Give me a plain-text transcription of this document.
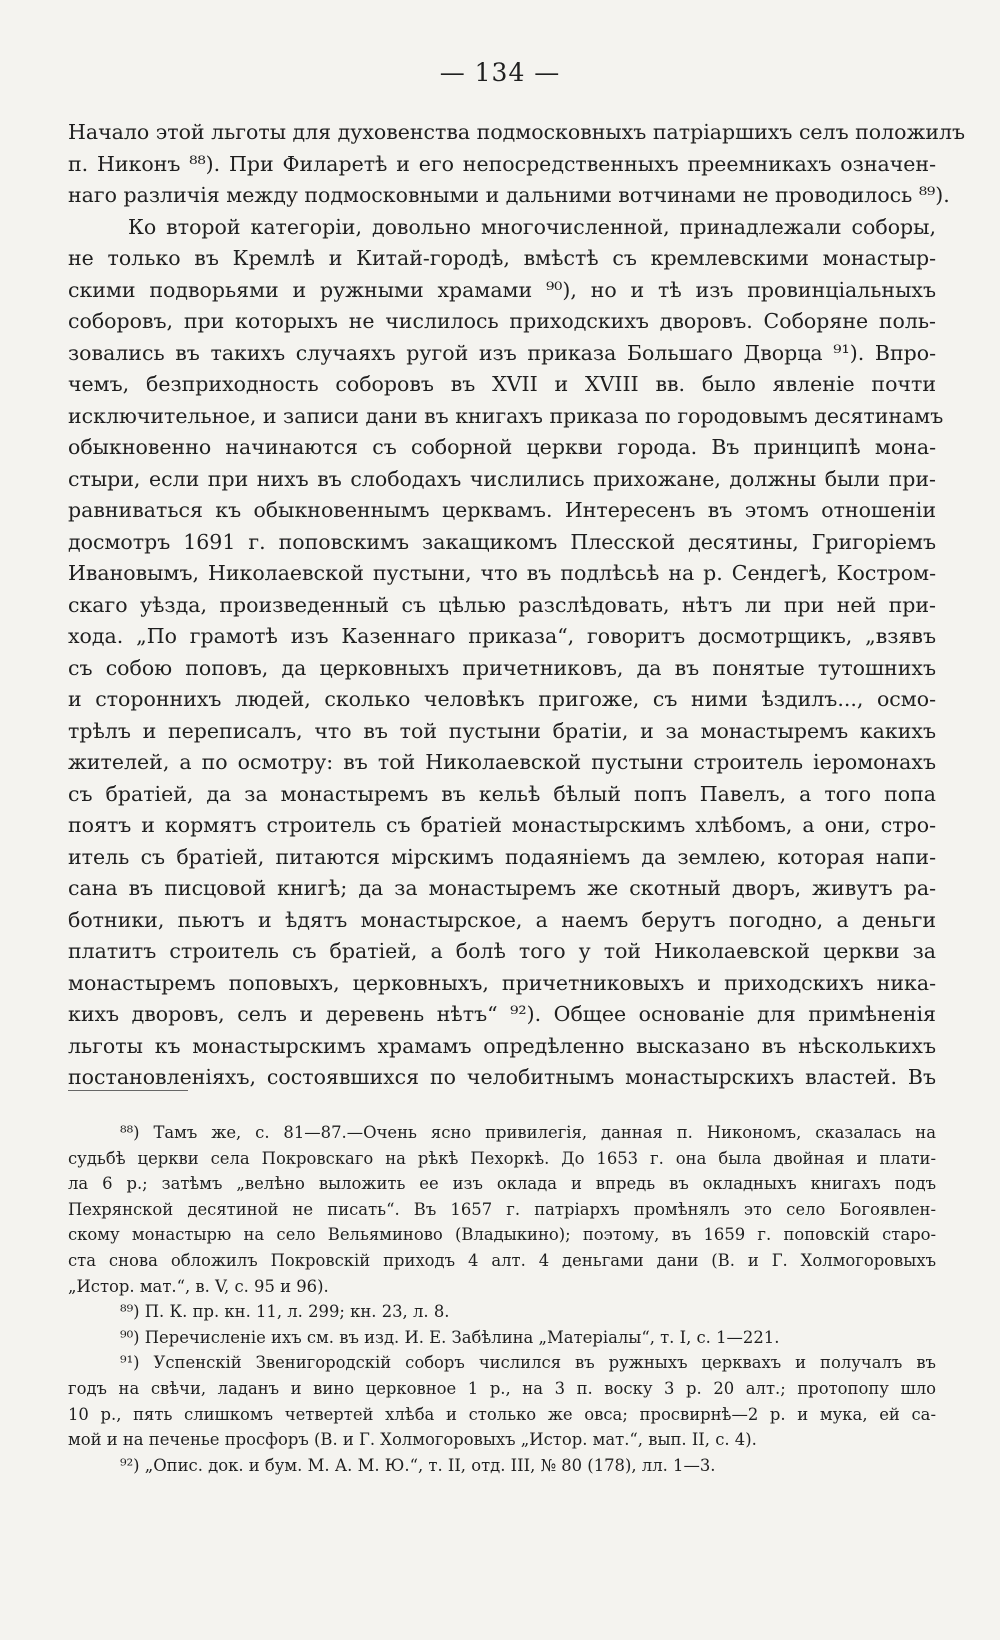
— 134 —
Начало этой льготы для духовенства подмосковныхъ патріаршихъ селъ положилъ
п. Никонъ ⁸⁸). При Филаретѣ и его непосредственныхъ преемникахъ означен-
наго различія между подмосковными и дальними вотчинами не проводилось ⁸⁹).
Ко второй категоріи, довольно многочисленной, принадлежали соборы,
не только въ Кремлѣ и Китай-городѣ, вмѣстѣ съ кремлевскими монастыр-
скими подворьями и ружными храмами ⁹⁰), но и тѣ изъ провинціальныхъ
соборовъ, при которыхъ не числилось приходскихъ дворовъ. Соборяне поль-
зовались въ такихъ случаяхъ ругой изъ приказа Большаго Дворца ⁹¹). Впро-
чемъ, безприходность соборовъ въ XVII и XVIII вв. было явленіе почти
исключительное, и записи дани въ книгахъ приказа по городовымъ десятинамъ
обыкновенно начинаются съ соборной церкви города. Въ принципѣ мона-
стыри, если при нихъ въ слободахъ числились прихожане, должны были при-
равниваться къ обыкновеннымъ церквамъ. Интересенъ въ этомъ отношеніи
досмотръ 1691 г. поповскимъ закащикомъ Плесской десятины, Григоріемъ
Ивановымъ, Николаевской пустыни, что въ подлѣсьѣ на р. Сендегѣ, Костром-
скаго уѣзда, произведенный съ цѣлью разслѣдовать, нѣтъ ли при ней при-
хода. „По грамотѣ изъ Казеннаго приказа“, говоритъ досмотрщикъ, „взявъ
съ собою поповъ, да церковныхъ причетниковъ, да въ понятые тутошнихъ
и стороннихъ людей, сколько человѣкъ пригоже, съ ними ѣздилъ..., осмо-
трѣлъ и переписалъ, что въ той пустыни братіи, и за монастыремъ какихъ
жителей, а по осмотру: въ той Николаевской пустыни строитель іеромонахъ
съ братіей, да за монастыремъ въ кельѣ бѣлый попъ Павелъ, а того попа
поятъ и кормятъ строитель съ братіей монастырскимъ хлѣбомъ, а они, стро-
итель съ братіей, питаются мірскимъ подаяніемъ да землею, которая напи-
сана въ писцовой книгѣ; да за монастыремъ же скотный дворъ, живутъ ра-
ботники, пьютъ и ѣдятъ монастырское, а наемъ берутъ погодно, а деньги
платитъ строитель съ братіей, а болѣ того у той Николаевской церкви за
монастыремъ поповыхъ, церковныхъ, причетниковыхъ и приходскихъ ника-
кихъ дворовъ, селъ и деревень нѣтъ“ ⁹²). Общее основаніе для примѣненія
льготы къ монастырскимъ храмамъ опредѣленно высказано въ нѣсколькихъ
постановленіяхъ, состоявшихся по челобитнымъ монастырскихъ властей. Въ
⁸⁸) Тамъ же, с. 81—87.—Очень ясно привилегія, данная п. Никономъ, сказалась на
судьбѣ церкви села Покровскаго на рѣкѣ Пехоркѣ. До 1653 г. она была двойная и плати-
ла 6 р.; затѣмъ „велѣно выложить ее изъ оклада и впредь въ окладныхъ книгахъ подъ
Пехрянской десятиной не писать“. Въ 1657 г. патріархъ промѣнялъ это село Богоявлен-
скому монастырю на село Вельяминово (Владыкино); поэтому, въ 1659 г. поповскій старо-
ста снова обложилъ Покровскій приходъ 4 алт. 4 деньгами дани (В. и Г. Холмогоровыхъ
„Истор. мат.“, в. V, с. 95 и 96).
⁸⁹) П. К. пр. кн. 11, л. 299; кн. 23, л. 8.
⁹⁰) Перечисленіе ихъ см. въ изд. И. Е. Забѣлина „Матеріалы“, т. I, с. 1—221.
⁹¹) Успенскій Звенигородскій соборъ числился въ ружныхъ церквахъ и получалъ въ
годъ на свѣчи, ладанъ и вино церковное 1 р., на 3 п. воску 3 р. 20 алт.; протопопу шло
10 р., пять слишкомъ четвертей хлѣба и столько же овса; просвирнѣ—2 р. и мука, ей са-
мой и на печенье просфоръ (В. и Г. Холмогоровыхъ „Истор. мат.“, вып. II, с. 4).
⁹²) „Опис. док. и бум. М. А. М. Ю.“, т. II, отд. III, № 80 (178), лл. 1—3.
